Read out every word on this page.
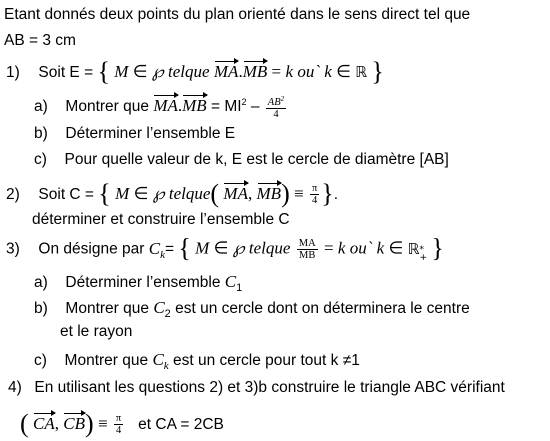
Etant donnés deux points du plan orienté dans le sens direct tel que
AB = 3 cm
1) Soit E = { M ∈ ℘ telque MA.MB = k ou` k ∈ ℝ }
a) Montrer que $MA.MB = MI^2 - \frac{AB^2}{4}$
b) Déterminer l’ensemble E
c) Pour quelle valeur de k, E est le cercle de diamètre [AB]
2) Soit C = { M ∈ ℘ telque( MA, $MB) \equiv \frac{\pi}{4}$ }.
déterminer et construire l’ensemble C
3) On désigne par $C_k=$ { M ∈ ℘ telque $\frac{MA}{MB} = k$ ou` k ∈ ℝ *
+ }
a) Déterminer l’ensemble $C_1$
b) Montrer que $C_2$ est un cercle dont on déterminera le centre
et le rayon
c) Montrer que $C_k$ est un cercle pour tout k ≠1
4) En utilisant les questions 2) et 3)b construire le triangle ABC vérifiant
( CA, $CB) \equiv \frac{\pi}{4}$ et CA = 2CB
